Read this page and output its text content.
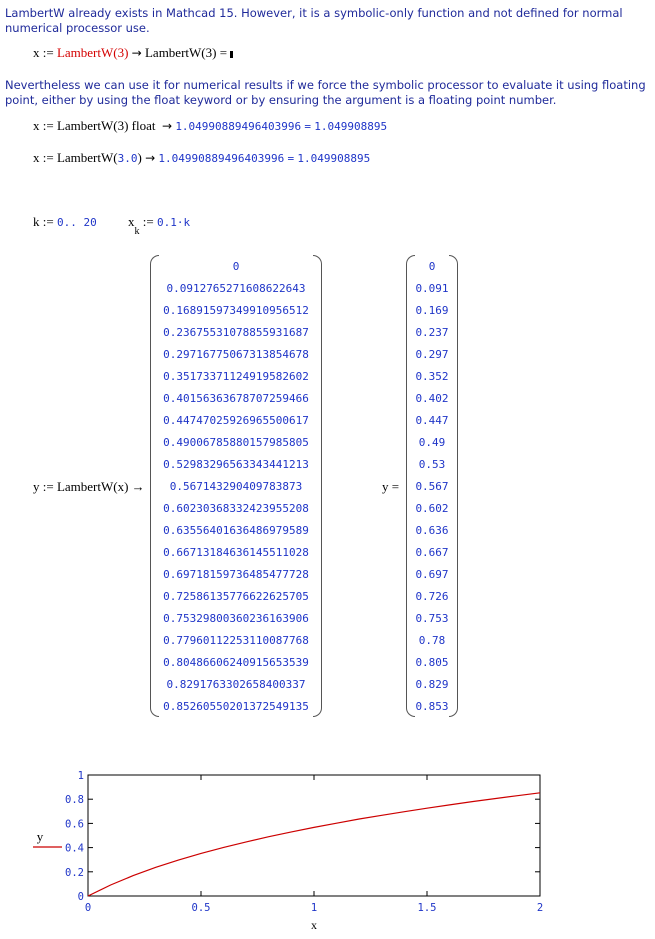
LambertW already exists in Mathcad 15. However, it is a symbolic-only function and not defined for normal numerical processor use.
x := LambertW(3) → LambertW(3) =
Nevertheless we can use it for numerical results if we force the symbolic processor to evaluate it using floating point, either by using the float keyword or by ensuring the argument is a floating point number.
x := LambertW(3) float → 1.04990889496403996 = 1.049908895
x := LambertW(3.0) → 1.04990889496403996 = 1.049908895
k := 0.. 20 $x_k$ := 0.1·k
y := LambertW(x) →
0
0.0912765271608622643
0.16891597349910956512
0.23675531078855931687
0.29716775067313854678
0.35173371124919582602
0.40156363678707259466
0.44747025926965500617
0.49006785880157985805
0.52983296563343441213
0.567143290409783873
0.60230368332423955208
0.63556401636486979589
0.66713184636145511028
0.69718159736485477728
0.72586135776622625705
0.75329800360236163906
0.77960112253110087768
0.80486606240915653539
0.8291763302658400337
0.85260550201372549135
y =
0
0.091
0.169
0.237
0.297
0.352
0.402
0.447
0.49
0.53
0.567
0.602
0.636
0.667
0.697
0.726
0.753
0.78
0.805
0.829
0.853
0
0.2
0.4
0.6
0.8
1
0	0.5	1	1.5	2
y
x
